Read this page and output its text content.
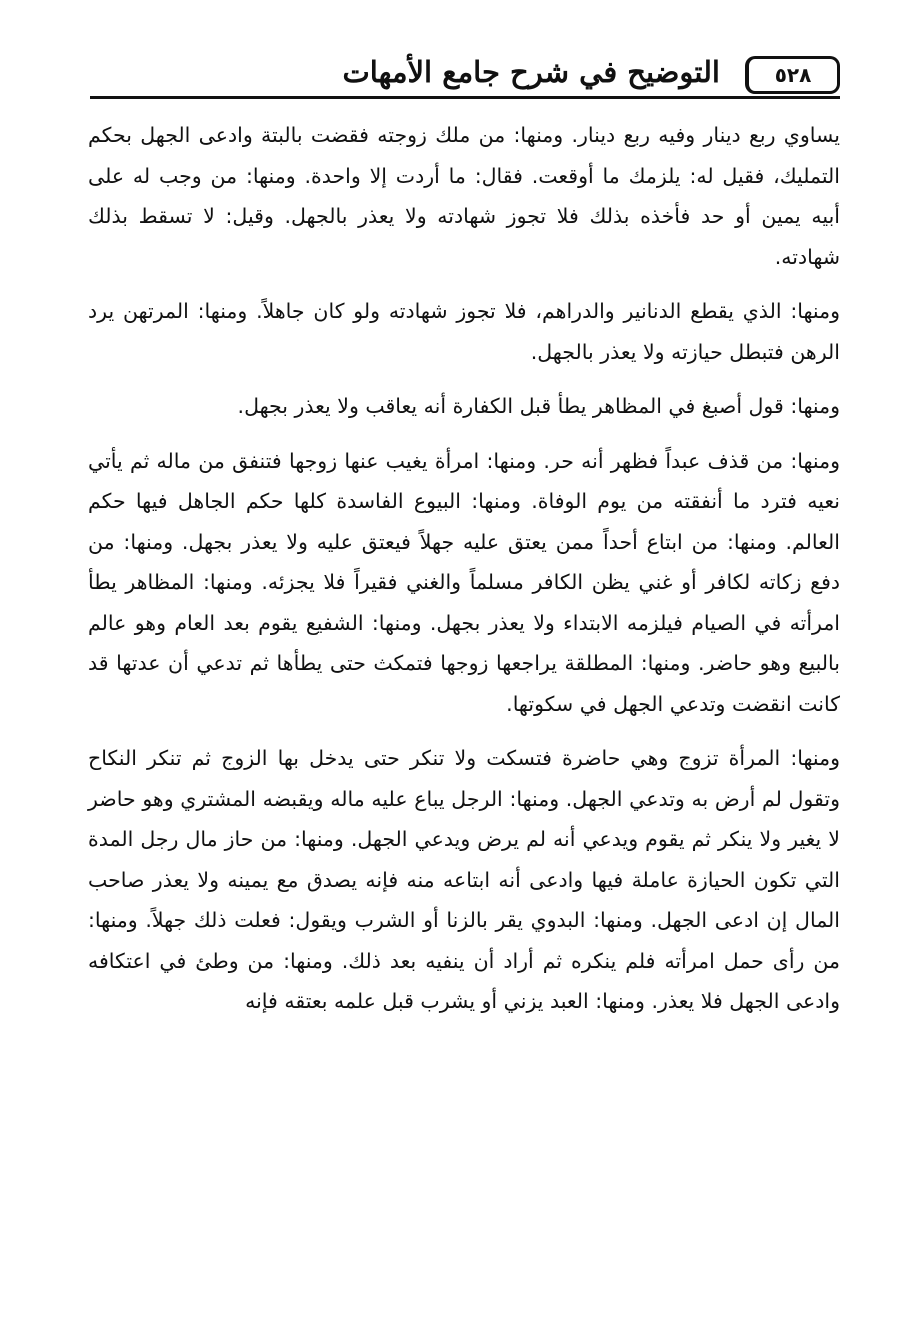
التوضيح في شرح جامع الأمهات	٥٢٨

يساوي ربع دينار وفيه ربع دينار. ومنها: من ملك زوجته فقضت بالبتة وادعى الجهل بحكم التمليك، فقيل له: يلزمك ما أوقعت. فقال: ما أردت إلا واحدة. ومنها: من وجب له على أبيه يمين أو حد فأخذه بذلك فلا تجوز شهادته ولا يعذر بالجهل. وقيل: لا تسقط بذلك شهادته.

ومنها: الذي يقطع الدنانير والدراهم، فلا تجوز شهادته ولو كان جاهلاً. ومنها: المرتهن يرد الرهن فتبطل حيازته ولا يعذر بالجهل.

ومنها: قول أصبغ في المظاهر يطأ قبل الكفارة أنه يعاقب ولا يعذر بجهل.

ومنها: من قذف عبداً فظهر أنه حر. ومنها: امرأة يغيب عنها زوجها فتنفق من ماله ثم يأتي نعيه فترد ما أنفقته من يوم الوفاة. ومنها: البيوع الفاسدة كلها حكم الجاهل فيها حكم العالم. ومنها: من ابتاع أحداً ممن يعتق عليه جهلاً فيعتق عليه ولا يعذر بجهل. ومنها: من دفع زكاته لكافر أو غني يظن الكافر مسلماً والغني فقيراً فلا يجزئه. ومنها: المظاهر يطأ امرأته في الصيام فيلزمه الابتداء ولا يعذر بجهل. ومنها: الشفيع يقوم بعد العام وهو عالم بالبيع وهو حاضر. ومنها: المطلقة يراجعها زوجها فتمكث حتى يطأها ثم تدعي أن عدتها قد كانت انقضت وتدعي الجهل في سكوتها.

ومنها: المرأة تزوج وهي حاضرة فتسكت ولا تنكر حتى يدخل بها الزوج ثم تنكر النكاح وتقول لم أرض به وتدعي الجهل. ومنها: الرجل يباع عليه ماله ويقبضه المشتري وهو حاضر لا يغير ولا ينكر ثم يقوم ويدعي أنه لم يرض ويدعي الجهل. ومنها: من حاز مال رجل المدة التي تكون الحيازة عاملة فيها وادعى أنه ابتاعه منه فإنه يصدق مع يمينه ولا يعذر صاحب المال إن ادعى الجهل. ومنها: البدوي يقر بالزنا أو الشرب ويقول: فعلت ذلك جهلاً. ومنها: من رأى حمل امرأته فلم ينكره ثم أراد أن ينفيه بعد ذلك. ومنها: من وطئ في اعتكافه وادعى الجهل فلا يعذر. ومنها: العبد يزني أو يشرب قبل علمه بعتقه فإنه
